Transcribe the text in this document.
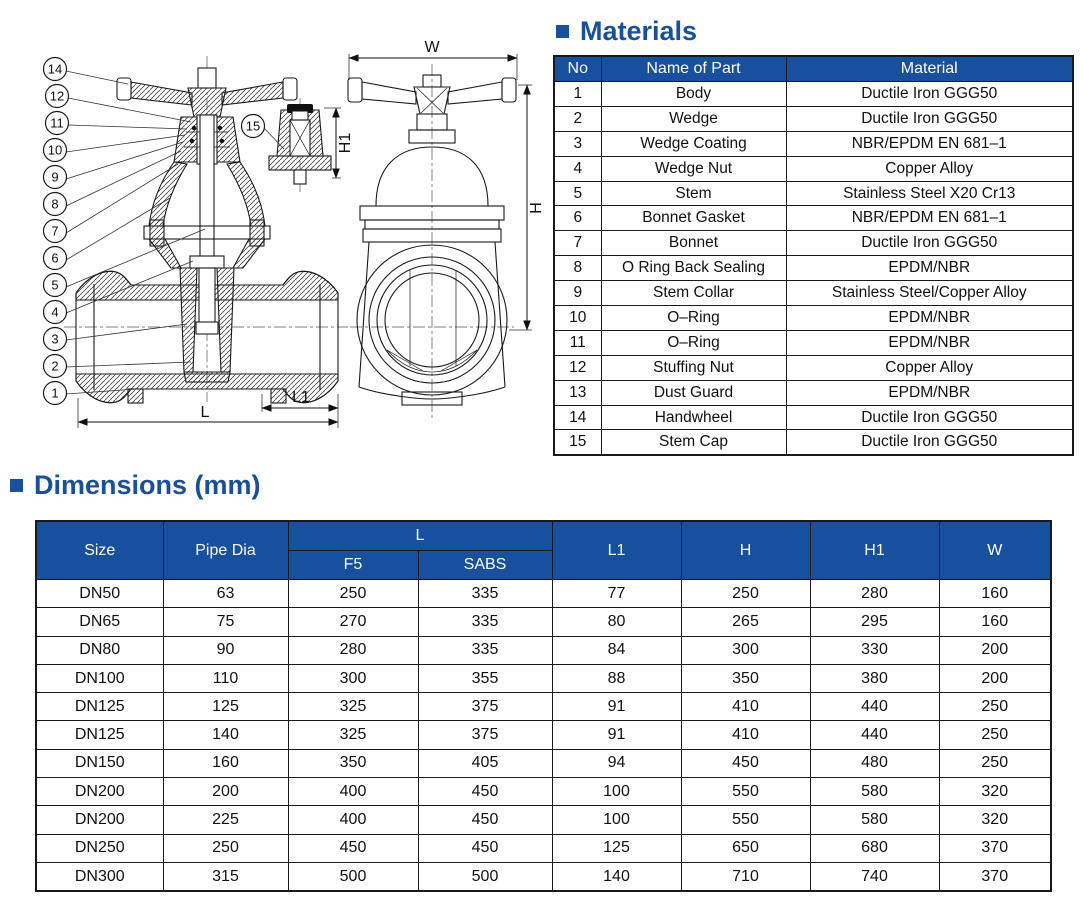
L
L1
H1
W
H
14
12
11
10
9
8
7
6
5
4
3
2
1
15
Materials
No	Name of Part	Material
1	Body	Ductile Iron GGG50
2	Wedge	Ductile Iron GGG50
3	Wedge Coating	NBR/EPDM EN 681–1
4	Wedge Nut	Copper Alloy
5	Stem	Stainless Steel X20 Cr13
6	Bonnet Gasket	NBR/EPDM EN 681–1
7	Bonnet	Ductile Iron GGG50
8	O Ring Back Sealing	EPDM/NBR
9	Stem Collar	Stainless Steel/Copper Alloy
10	O–Ring	EPDM/NBR
11	O–Ring	EPDM/NBR
12	Stuffing Nut	Copper Alloy
13	Dust Guard	EPDM/NBR
14	Handwheel	Ductile Iron GGG50
15	Stem Cap	Ductile Iron GGG50
Dimensions (mm)
Size	Pipe Dia	L		L1	H	H1	W
		F5	SABS				
DN50	63	250	335	77	250	280	160
DN65	75	270	335	80	265	295	160
DN80	90	280	335	84	300	330	200
DN100	110	300	355	88	350	380	200
DN125	125	325	375	91	410	440	250
DN125	140	325	375	91	410	440	250
DN150	160	350	405	94	450	480	250
DN200	200	400	450	100	550	580	320
DN200	225	400	450	100	550	580	320
DN250	250	450	450	125	650	680	370
DN300	315	500	500	140	710	740	370
